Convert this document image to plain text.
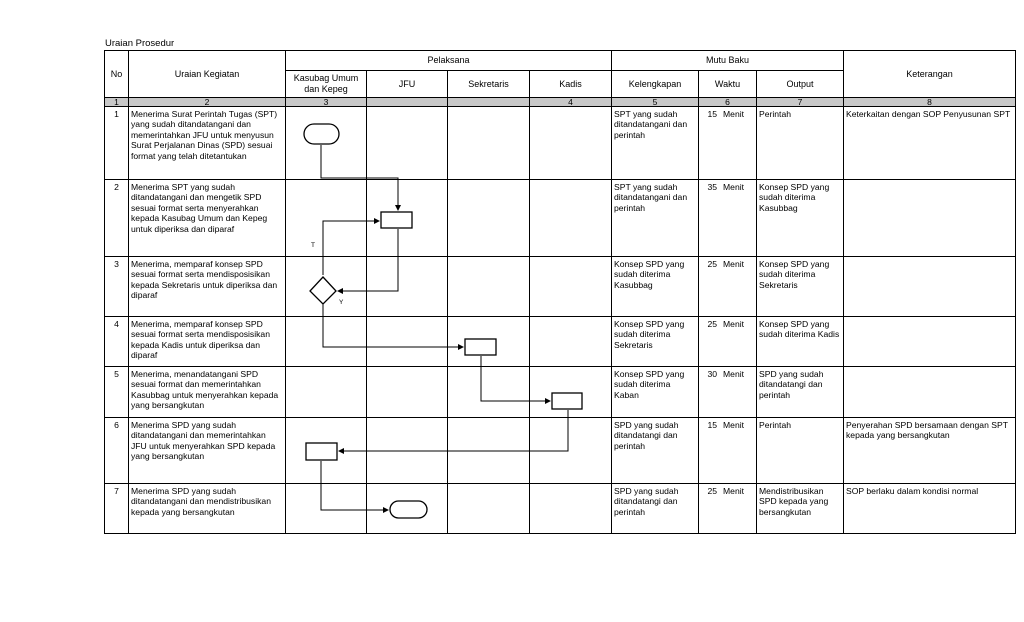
Uraian Prosedur
No	Uraian Kegiatan	Pelaksana				Mutu Baku			Keterangan
		Kasubag Umum dan Kepeg	JFU	Sekretaris	Kadis	Kelengkapan	Waktu	Output	
1	2	3			4	5	6	7	8
1	Menerima Surat Perintah Tugas (SPT) yang sudah ditandatangani dan memerintahkan JFU untuk menyusun Surat Perjalanan Dinas (SPD) sesuai format yang telah ditetantukan					SPT yang sudah ditandatangani dan perintah	15 Menit	Perintah	Keterkaitan dengan SOP Penyusunan SPT
2	Menerima SPT yang sudah ditandatangani dan mengetik SPD sesuai format serta menyerahkan kepada Kasubag Umum dan Kepeg untuk diperiksa dan diparaf					SPT yang sudah ditandatangani dan perintah	35 Menit	Konsep SPD yang sudah diterima Kasubbag	
3	Menerima, memparaf konsep SPD sesuai format serta mendisposisikan kepada Sekretaris untuk diperiksa dan diparaf					Konsep SPD yang sudah diterima Kasubbag	25 Menit	Konsep SPD yang sudah diterima Sekretaris	
4	Menerima, memparaf konsep SPD sesuai format serta mendisposisikan kepada Kadis untuk diperiksa dan diparaf					Konsep SPD yang sudah diterima Sekretaris	25 Menit	Konsep SPD yang sudah diterima Kadis	
5	Menerima, menandatangani SPD sesuai format dan memerintahkan Kasubbag untuk menyerahkan kepada yang bersangkutan					Konsep SPD yang sudah diterima Kaban	30 Menit	SPD yang sudah ditandatangi dan perintah	
6	Menerima SPD yang sudah ditandatangani dan memerintahkan JFU untuk menyerahkan SPD kepada yang bersangkutan					SPD yang sudah ditandatangi dan perintah	15 Menit	Perintah	Penyerahan SPD bersamaan dengan SPT kepada yang bersangkutan
7	Menerima SPD yang sudah ditandatangani dan mendistribusikan kepada yang bersangkutan					SPD yang sudah ditandatangi dan perintah	25 Menit	Mendistribusikan SPD kepada yang bersangkutan	SOP berlaku dalam kondisi normal
T
Y
